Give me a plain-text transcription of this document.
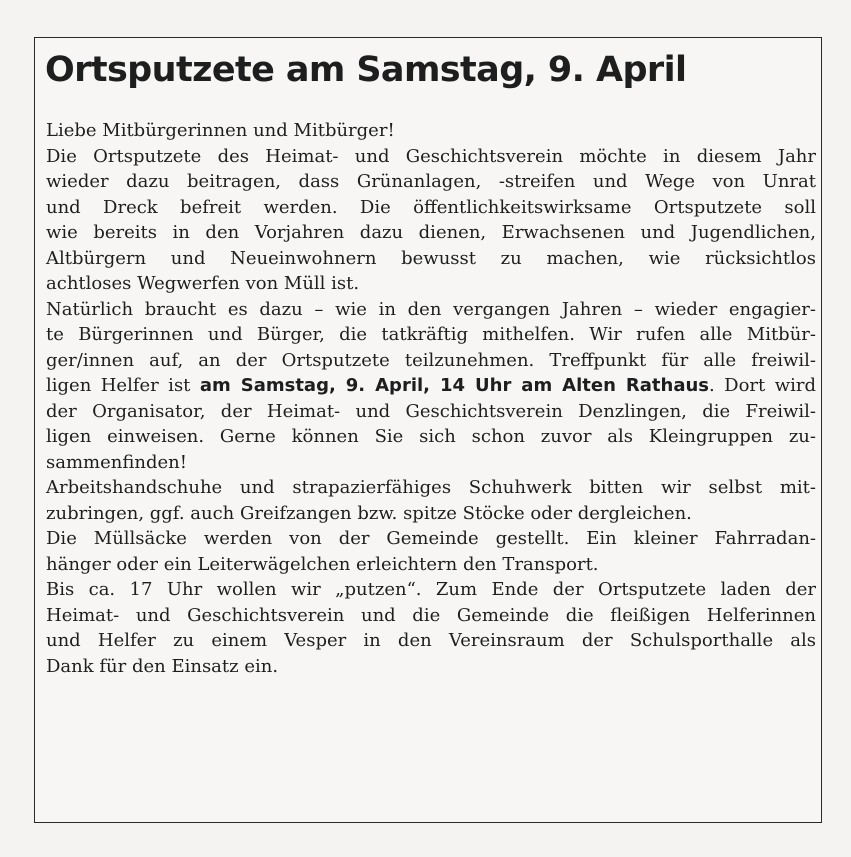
Ortsputzete am Samstag, 9. April
Liebe Mitbürgerinnen und Mitbürger!
Die Ortsputzete des Heimat- und Geschichtsverein möchte in diesem Jahr
wieder dazu beitragen, dass Grünanlagen, -streifen und Wege von Unrat
und Dreck befreit werden. Die öffentlichkeitswirksame Ortsputzete soll
wie bereits in den Vorjahren dazu dienen, Erwachsenen und Jugendlichen,
Altbürgern und Neueinwohnern bewusst zu machen, wie rücksichtlos
achtloses Wegwerfen von Müll ist.
Natürlich braucht es dazu – wie in den vergangen Jahren – wieder engagier-
te Bürgerinnen und Bürger, die tatkräftig mithelfen. Wir rufen alle Mitbür-
ger/innen auf, an der Ortsputzete teilzunehmen. Treffpunkt für alle freiwil-
ligen Helfer ist am Samstag, 9. April, 14 Uhr am Alten Rathaus. Dort wird
der Organisator, der Heimat- und Geschichtsverein Denzlingen, die Freiwil-
ligen einweisen. Gerne können Sie sich schon zuvor als Kleingruppen zu-
sammenfinden!
Arbeitshandschuhe und strapazierfähiges Schuhwerk bitten wir selbst mit-
zubringen, ggf. auch Greifzangen bzw. spitze Stöcke oder dergleichen.
Die Müllsäcke werden von der Gemeinde gestellt. Ein kleiner Fahrradan-
hänger oder ein Leiterwägelchen erleichtern den Transport.
Bis ca. 17 Uhr wollen wir „putzen“. Zum Ende der Ortsputzete laden der
Heimat- und Geschichtsverein und die Gemeinde die fleißigen Helferinnen
und Helfer zu einem Vesper in den Vereinsraum der Schulsporthalle als
Dank für den Einsatz ein.
